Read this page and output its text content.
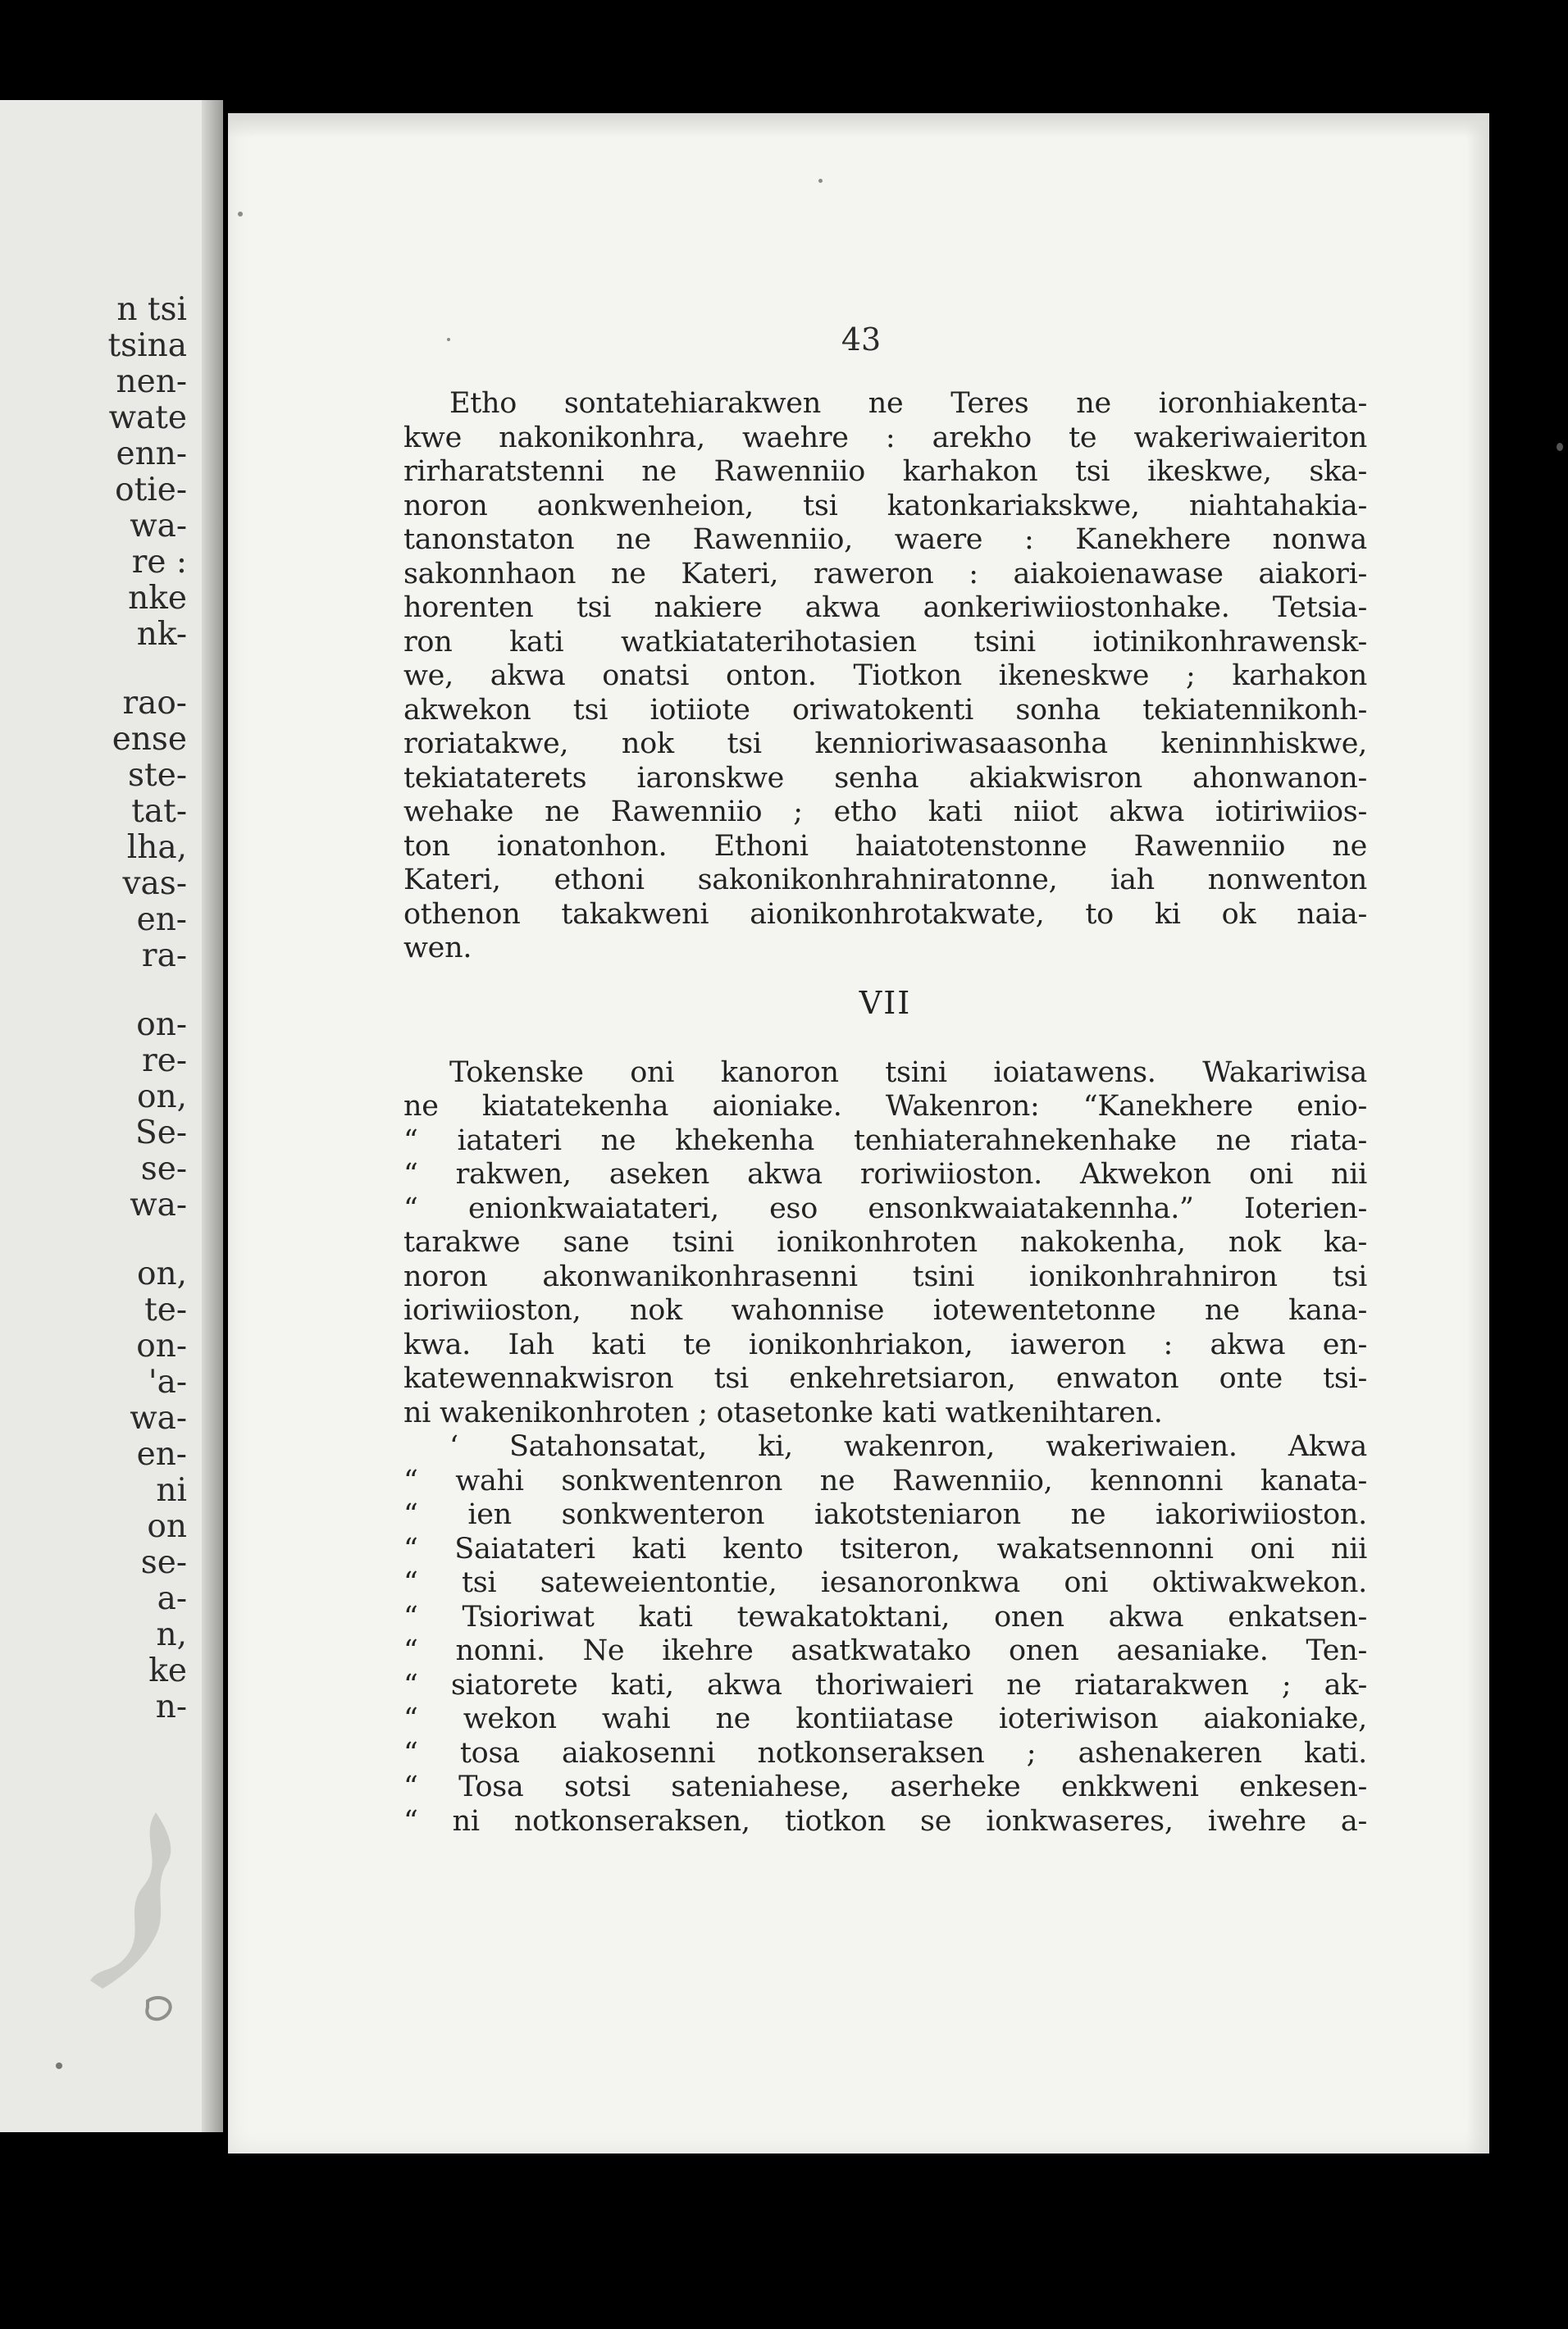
n tsi
tsina
nen-
wate
enn-
otie-
wa-
re :
nke
nk-
rao-
ense
ste-
tat-
lha,
vas-
en-
ra-
on-
re-
on,
Se-
se-
wa-
on,
te-
on-
'a-
wa-
en-
ni
on
se-
a-
n,
ke
n-
43
Etho sontatehiarakwen ne Teres ne ioronhiakenta-
kwe nakonikonhra, waehre : arekho te wakeriwaieriton
rirharatstenni ne Rawenniio karhakon tsi ikeskwe, ska-
noron aonkwenheion, tsi katonkariakskwe, niahtahakia-
tanonstaton ne Rawenniio, waere : Kanekhere nonwa
sakonnhaon ne Kateri, raweron : aiakoienawase aiakori-
horenten tsi nakiere akwa aonkeriwiiostonhake. Tetsia-
ron kati watkiataterihotasien tsini iotinikonhrawensk-
we, akwa onatsi onton. Tiotkon ikeneskwe ; karhakon
akwekon tsi iotiiote oriwatokenti sonha tekiatennikonh-
roriatakwe, nok tsi kennioriwasaasonha keninnhiskwe,
tekiataterets iaronskwe senha akiakwisron ahonwanon-
wehake ne Rawenniio ; etho kati niiot akwa iotiriwiios-
ton ionatonhon. Ethoni haiatotenstonne Rawenniio ne
Kateri, ethoni sakonikonhrahniratonne, iah nonwenton
othenon takakweni aionikonhrotakwate, to ki ok naia-
wen.
VII
Tokenske oni kanoron tsini ioiatawens. Wakariwisa
ne kiatatekenha aioniake. Wakenron: “Kanekhere enio-
“ iatateri ne khekenha tenhiaterahnekenhake ne riata-
“ rakwen, aseken akwa roriwiioston. Akwekon oni nii
“ enionkwaiatateri, eso ensonkwaiatakennha.” Ioterien-
tarakwe sane tsini ionikonhroten nakokenha, nok ka-
noron akonwanikonhrasenni tsini ionikonhrahniron tsi
ioriwiioston, nok wahonnise iotewentetonne ne kana-
kwa. Iah kati te ionikonhriakon, iaweron : akwa en-
katewennakwisron tsi enkehretsiaron, enwaton onte tsi-
ni wakenikonhroten ; otasetonke kati watkenihtaren.
‘ Satahonsatat, ki, wakenron, wakeriwaien. Akwa
“ wahi sonkwentenron ne Rawenniio, kennonni kanata-
“ ien sonkwenteron iakotsteniaron ne iakoriwiioston.
“ Saiatateri kati kento tsiteron, wakatsennonni oni nii
“ tsi sateweientontie, iesanoronkwa oni oktiwakwekon.
“ Tsioriwat kati tewakatoktani, onen akwa enkatsen-
“ nonni. Ne ikehre asatkwatako onen aesaniake. Ten-
“ siatorete kati, akwa thoriwaieri ne riatarakwen ; ak-
“ wekon wahi ne kontiiatase ioteriwison aiakoniake,
“ tosa aiakosenni notkonseraksen ; ashenakeren kati.
“ Tosa sotsi sateniahese, aserheke enkkweni enkesen-
“ ni notkonseraksen, tiotkon se ionkwaseres, iwehre a-
